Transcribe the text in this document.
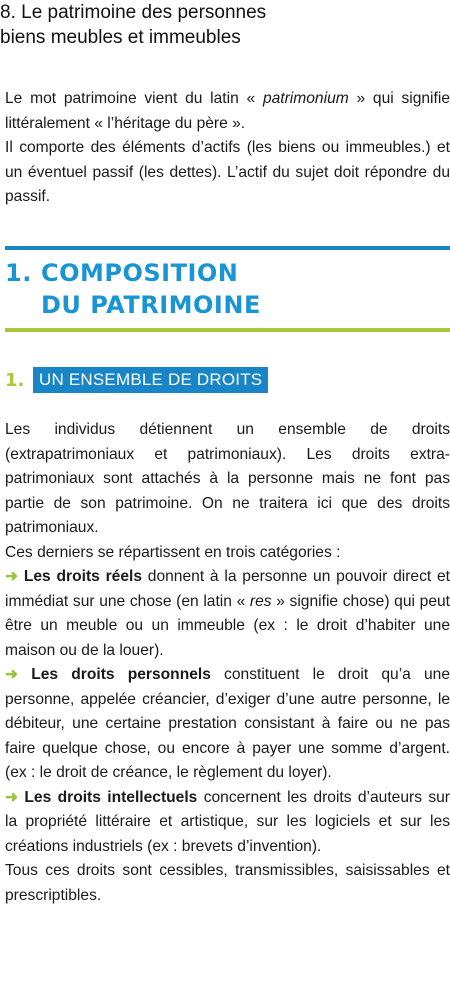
8. Le patrimoine des personnes
biens meubles et immeubles

Le mot patrimoine vient du latin « patrimonium » qui signifie littéralement « l’héritage du père ».

Il comporte des éléments d’actifs (les biens ou immeubles.) et un éventuel passif (les dettes). L’actif du sujet doit répondre du passif.

1. COMPOSITION
DU PATRIMOINE
1. UN ENSEMBLE DE DROITS

Les individus détiennent un ensemble de droits (extrapatrimoniaux et patrimoniaux). Les droits extra-patrimoniaux sont attachés à la personne mais ne font pas partie de son patrimoine. On ne traitera ici que des droits patrimoniaux.

Ces derniers se répartissent en trois catégories :

➜ Les droits réels donnent à la personne un pouvoir direct et immédiat sur une chose (en latin « res » signifie chose) qui peut être un meuble ou un immeuble (ex : le droit d’habiter une maison ou de la louer).

➜ Les droits personnels constituent le droit qu’a une personne, appelée créancier, d’exiger d’une autre personne, le débiteur, une certaine prestation consistant à faire ou ne pas faire quelque chose, ou encore à payer une somme d’argent. (ex : le droit de créance, le règlement du loyer).

➜ Les droits intellectuels concernent les droits d’auteurs sur la propriété littéraire et artistique, sur les logiciels et sur les créations industriels (ex : brevets d’invention).

Tous ces droits sont cessibles, transmissibles, saisissables et prescriptibles.
